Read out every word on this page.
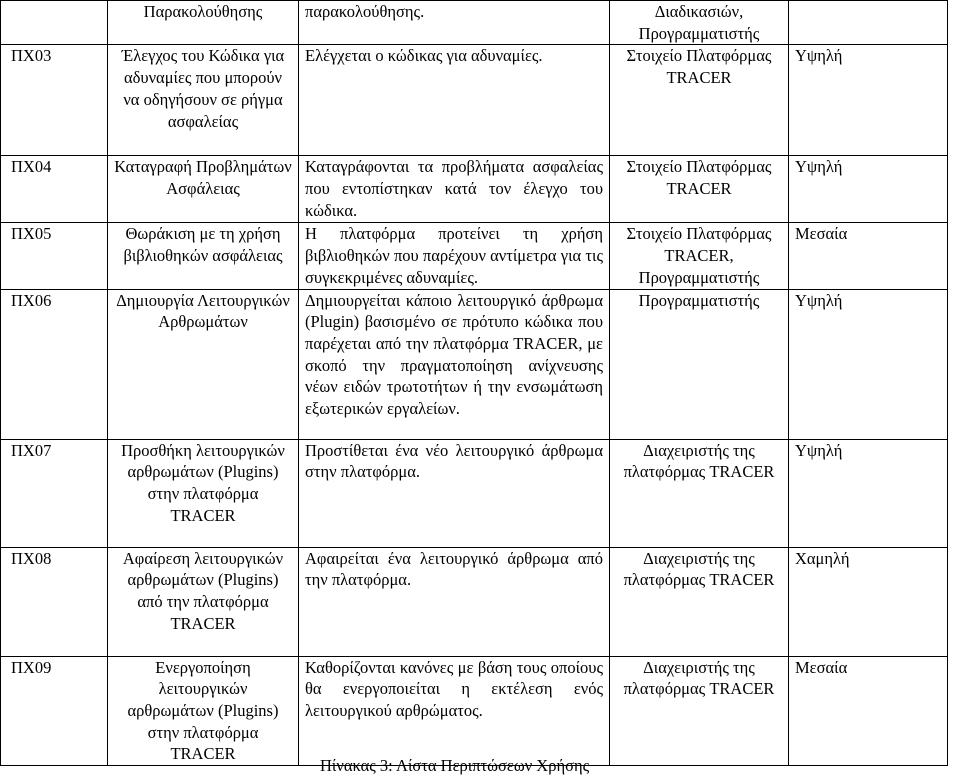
	Παρακολούθησης	παρακολούθησης.	Διαδικασιών, Προγραμματιστής	
ΠΧ03	Έλεγχος του Κώδικα για αδυναμίες που μπορούν να οδηγήσουν σε ρήγμα ασφαλείας	Ελέγχεται ο κώδικας για αδυναμίες.	Στοιχείο Πλατφόρμας TRACER	Υψηλή
ΠΧ04	Καταγραφή Προβλημάτων Ασφάλειας	Καταγράφονται τα προβλήματα ασφαλείας που εντοπίστηκαν κατά τον έλεγχο του κώδικα.	Στοιχείο Πλατφόρμας TRACER	Υψηλή
ΠΧ05	Θωράκιση με τη χρήση βιβλιοθηκών ασφάλειας	Η πλατφόρμα προτείνει τη χρήση βιβλιοθηκών που παρέχουν αντίμετρα για τις συγκεκριμένες αδυναμίες.	Στοιχείο Πλατφόρμας TRACER, Προγραμματιστής	Μεσαία
ΠΧ06	Δημιουργία Λειτουργικών Αρθρωμάτων	Δημιουργείται κάποιο λειτουργικό άρθρωμα (Plugin) βασισμένο σε πρότυπο κώδικα που παρέχεται από την πλατφόρμα TRACER, με σκοπό την πραγματοποίηση ανίχνευσης νέων ειδών τρωτοτήτων ή την ενσωμάτωση εξωτερικών εργαλείων.	Προγραμματιστής	Υψηλή
ΠΧ07	Προσθήκη λειτουργικών αρθρωμάτων (Plugins) στην πλατφόρμα TRACER	Προστίθεται ένα νέο λειτουργικό άρθρωμα στην πλατφόρμα.	Διαχειριστής της πλατφόρμας TRACER	Υψηλή
ΠΧ08	Αφαίρεση λειτουργικών αρθρωμάτων (Plugins) από την πλατφόρμα TRACER	Αφαιρείται ένα λειτουργικό άρθρωμα από την πλατφόρμα.	Διαχειριστής της πλατφόρμας TRACER	Χαμηλή
ΠΧ09	Ενεργοποίηση λειτουργικών αρθρωμάτων (Plugins) στην πλατφόρμα TRACER	Καθορίζονται κανόνες με βάση τους οποίους θα ενεργοποιείται η εκτέλεση ενός λειτουργικού αρθρώματος.	Διαχειριστής της πλατφόρμας TRACER	Μεσαία
Πίνακας 3: Λίστα Περιπτώσεων Χρήσης
